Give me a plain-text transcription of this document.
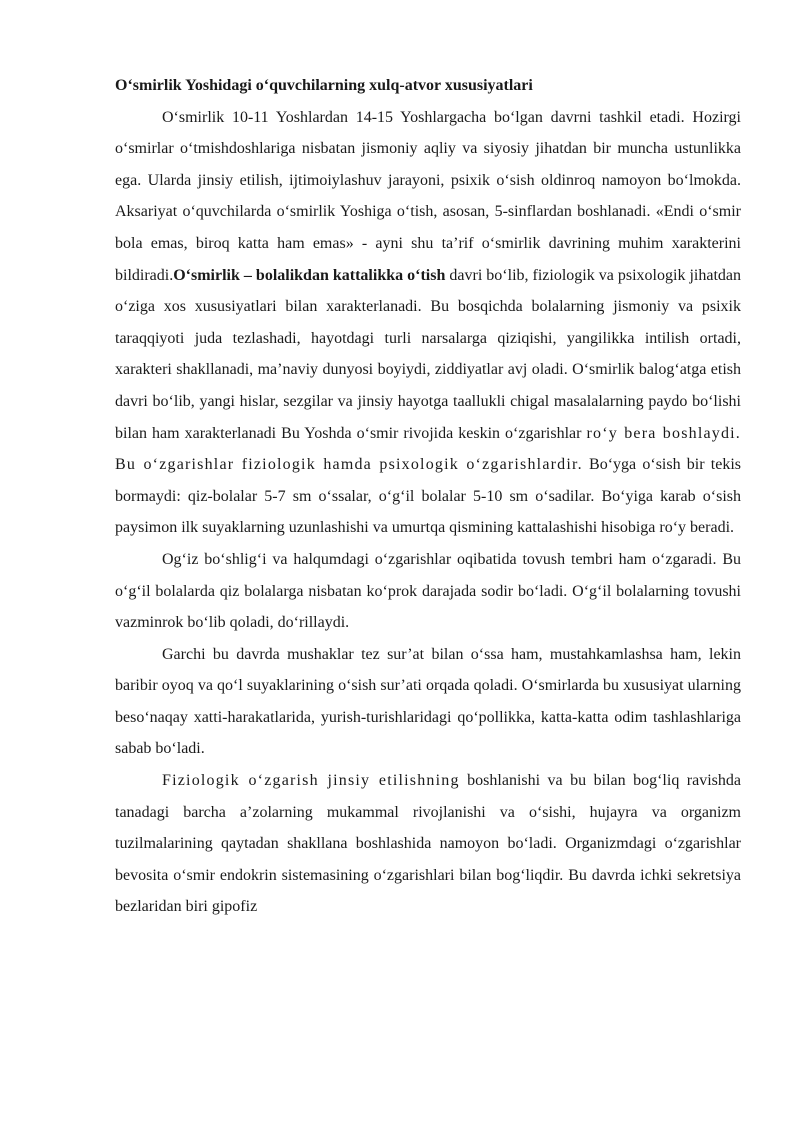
O‘smirlik Yoshidagi o‘quvchilarning xulq-atvor xususiyatlari

O‘smirlik 10-11 Yoshlardan 14-15 Yoshlargacha bo‘lgan davrni tashkil etadi. Hozirgi o‘smirlar o‘tmishdoshlariga nisbatan jismoniy aqliy va siyosiy jihatdan bir muncha ustunlikka ega. Ularda jinsiy etilish, ijtimoiylashuv jarayoni, psixik o‘sish oldinroq namoyon bo‘lmokda. Aksariyat o‘quvchilarda o‘smirlik Yoshiga o‘tish, asosan, 5-sinflardan boshlanadi. «Endi o‘smir bola emas, biroq katta ham emas» - ayni shu ta’rif o‘smirlik davrining muhim xarakterini bildiradi.O‘smirlik – bolalikdan kattalikka o‘tish davri bo‘lib, fiziologik va psixologik jihatdan o‘ziga xos xususiyatlari bilan xarakterlanadi. Bu bosqichda bolalarning jismoniy va psixik taraqqiyoti juda tezlashadi, hayotdagi turli narsalarga qiziqishi, yangilikka intilish ortadi, xarakteri shakllanadi, ma’naviy dunyosi boyiydi, ziddiyatlar avj oladi. O‘smirlik balog‘atga etish davri bo‘lib, yangi hislar, sezgilar va jinsiy hayotga taallukli chigal masalalarning paydo bo‘lishi bilan ham xarakterlanadi Bu Yoshda o‘smir rivojida keskin o‘zgarishlar ro‘y bera boshlaydi. Bu o‘zgarishlar fiziologik hamda psixologik o‘zgarishlardir. Bo‘yga o‘sish bir tekis bormaydi: qiz-bolalar 5-7 sm o‘ssalar, o‘g‘il bolalar 5-10 sm o‘sadilar. Bo‘yiga karab o‘sish paysimon ilk suyaklarning uzunlashishi va umurtqa qismining kattalashishi hisobiga ro‘y beradi.

Og‘iz bo‘shlig‘i va halqumdagi o‘zgarishlar oqibatida tovush tembri ham o‘zgaradi. Bu o‘g‘il bolalarda qiz bolalarga nisbatan ko‘prok darajada sodir bo‘ladi. O‘g‘il bolalarning tovushi vazminrok bo‘lib qoladi, do‘rillaydi.

Garchi bu davrda mushaklar tez sur’at bilan o‘ssa ham, mustahkamlashsa ham, lekin baribir oyoq va qo‘l suyaklarining o‘sish sur’ati orqada qoladi. O‘smirlarda bu xususiyat ularning beso‘naqay xatti-harakatlarida, yurish-turishlaridagi qo‘pollikka, katta-katta odim tashlashlariga sabab bo‘ladi.

Fiziologik o‘zgarish jinsiy etilishning boshlanishi va bu bilan bog‘liq ravishda tanadagi barcha a’zolarning mukammal rivojlanishi va o‘sishi, hujayra va organizm tuzilmalarining qaytadan shakllana boshlashida namoyon bo‘ladi. Organizmdagi o‘zgarishlar bevosita o‘smir endokrin sistemasining o‘zgarishlari bilan bog‘liqdir. Bu davrda ichki sekretsiya bezlaridan biri gipofiz
